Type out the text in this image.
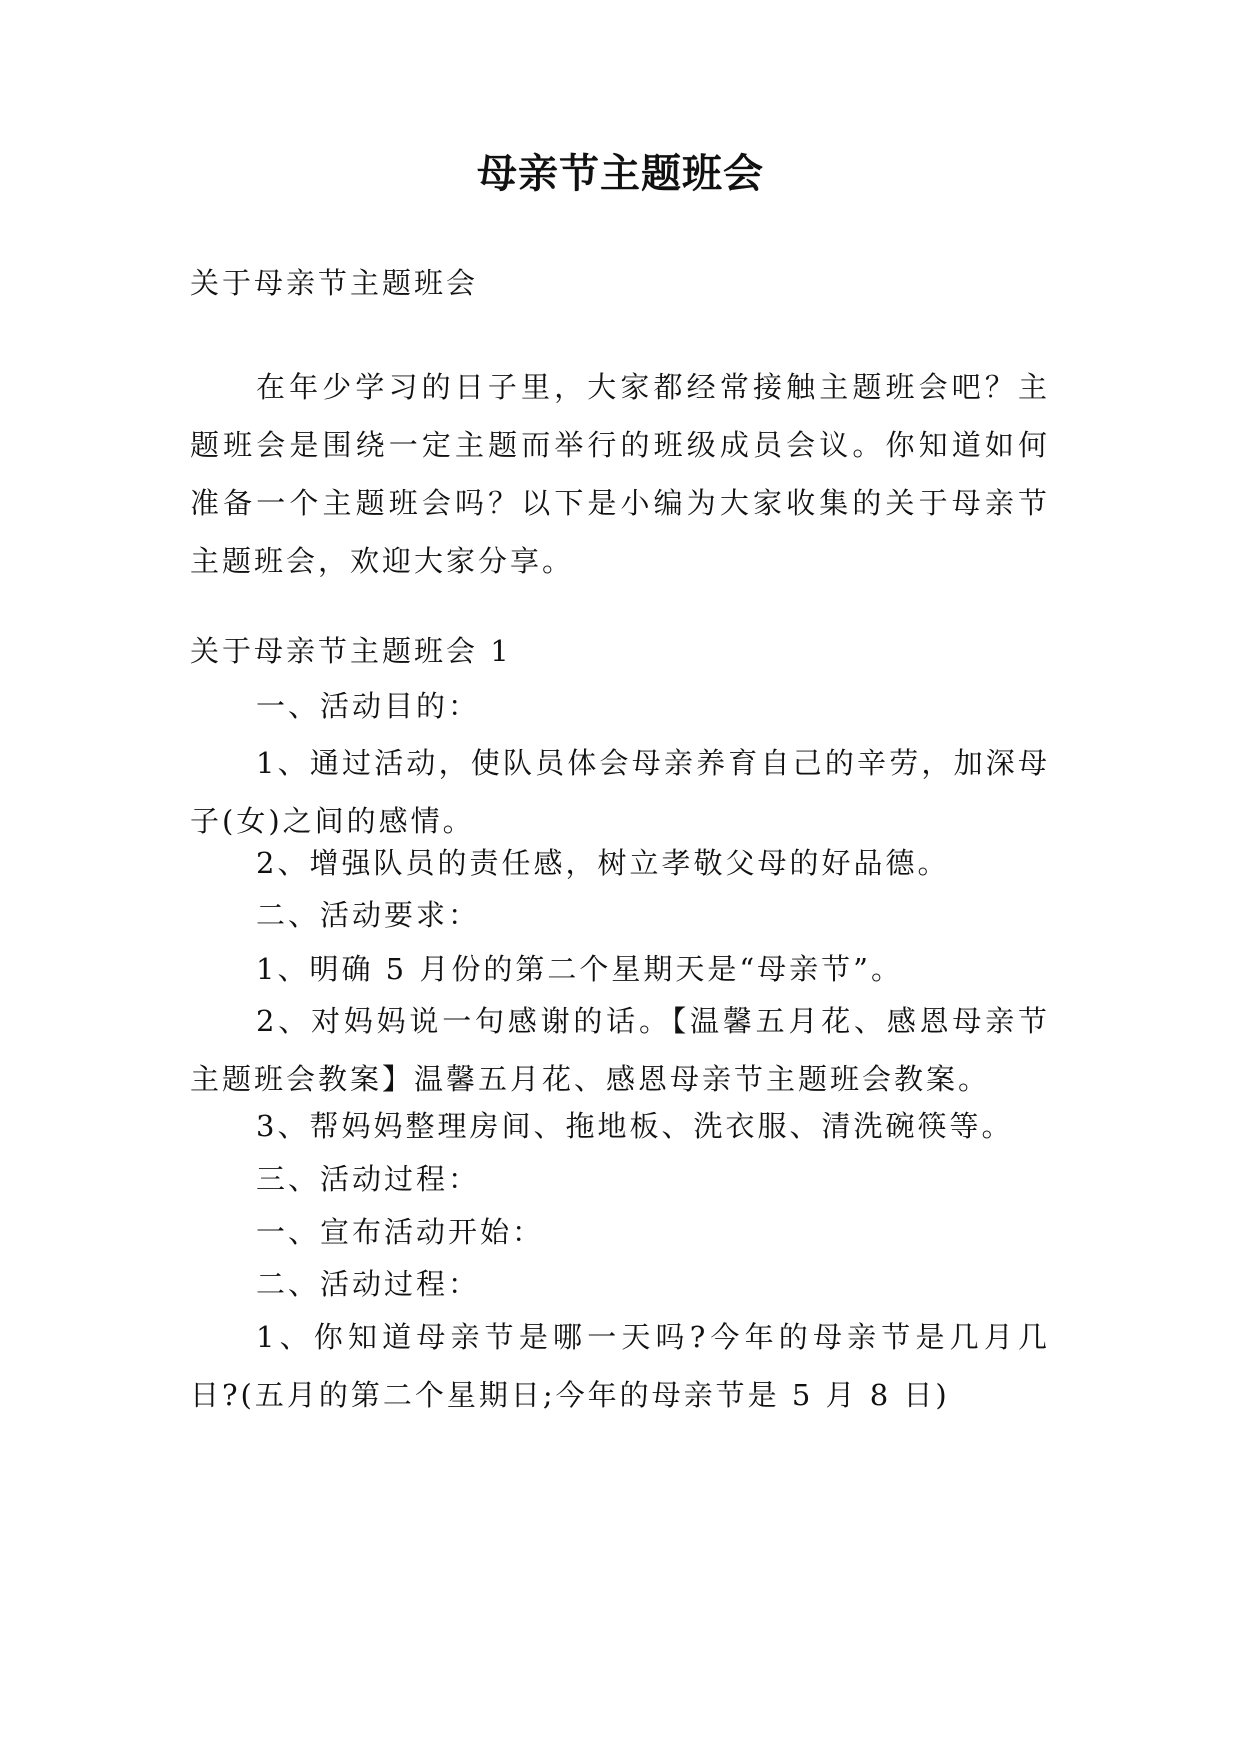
母亲节主题班会

关于母亲节主题班会

在年少学习的日子里，大家都经常接触主题班会吧？主题班会是围绕一定主题而举行的班级成员会议。你知道如何准备一个主题班会吗？以下是小编为大家收集的关于母亲节主题班会，欢迎大家分享。

关于母亲节主题班会 1

一、活动目的：

1、通过活动，使队员体会母亲养育自己的辛劳，加深母子(女)之间的感情。

2、增强队员的责任感，树立孝敬父母的好品德。

二、活动要求：

1、明确 5 月份的第二个星期天是“母亲节”。

2、对妈妈说一句感谢的话。【温馨五月花、感恩母亲节主题班会教案】温馨五月花、感恩母亲节主题班会教案。

3、帮妈妈整理房间、拖地板、洗衣服、清洗碗筷等。

三、活动过程：

一、宣布活动开始：

二、活动过程：

1、你知道母亲节是哪一天吗?今年的母亲节是几月几日?(五月的第二个星期日;今年的母亲节是 5 月 8 日)
